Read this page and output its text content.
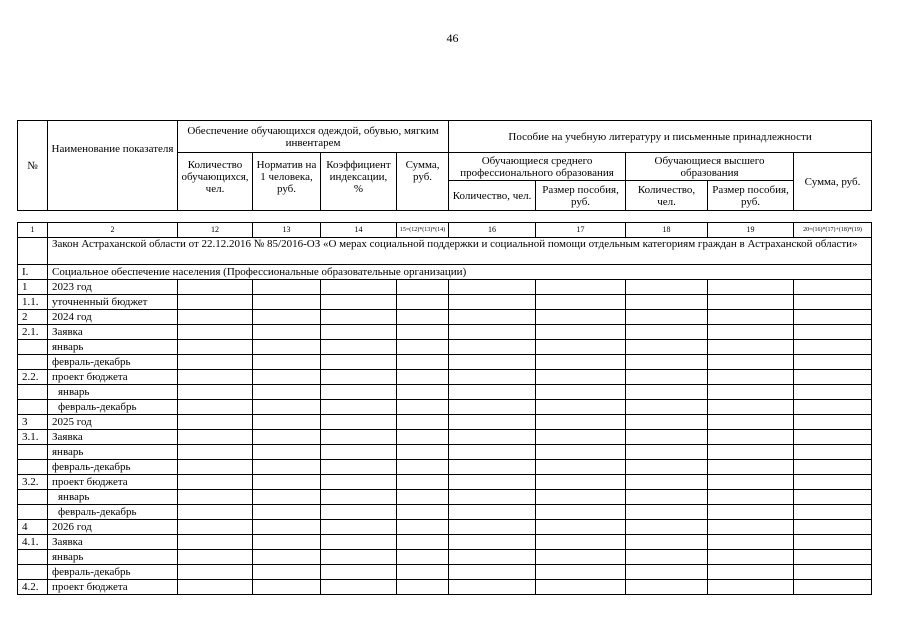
46
№	Наименование показателя	Обеспечение обучающихся одеждой, обувью, мягким инвентарем				Пособие на учебную литературу и письменные принадлежности				
		Количество обучающихся, чел.	Норматив на 1 человека, руб.	Коэффициент индексации, %	Сумма, руб.	Обучающиеся среднего профессионального образования		Обучающиеся высшего образования		Сумма, руб.
						Количество, чел.	Размер пособия, руб.	Количество, чел.	Размер пособия, руб.	
1	2	12	13	14	15=(12)*(13)*(14)	16	17	18	19	20=(16)*(17)+(18)*(19)
	Закон Астраханской области от 22.12.2016 № 85/2016-ОЗ «О мерах социальной поддержки и социальной помощи отдельным категориям граждан в Астраханской области»									
I.	Социальное обеспечение населения (Профессиональные образовательные организации)									
1	2023 год									
1.1.	уточненный бюджет									
2	2024 год									
2.1.	Заявка									
	январь									
	февраль-декабрь									
2.2.	проект бюджета									
	январь									
	февраль-декабрь									
3	2025 год									
3.1.	Заявка									
	январь									
	февраль-декабрь									
3.2.	проект бюджета									
	январь									
	февраль-декабрь									
4	2026 год									
4.1.	Заявка									
	январь									
	февраль-декабрь									
4.2.	проект бюджета									
